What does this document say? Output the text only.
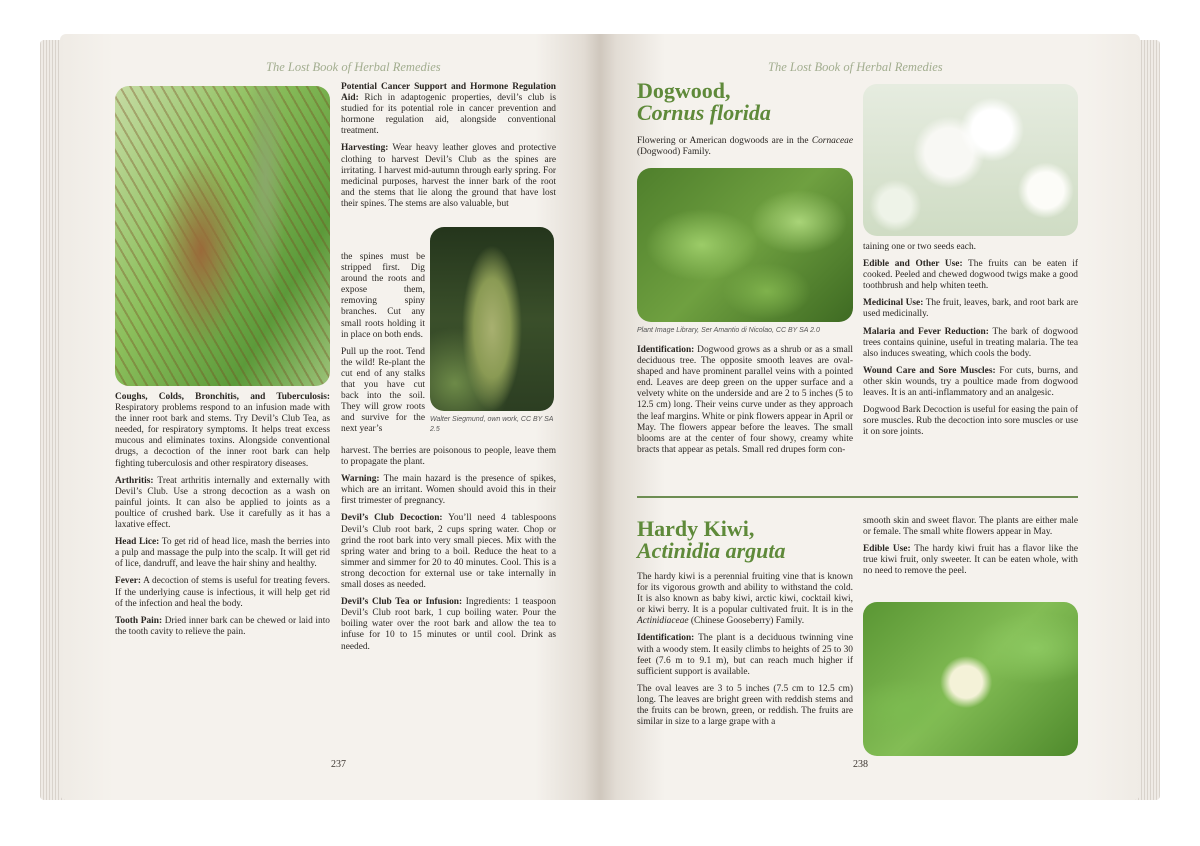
The Lost Book of Herbal Remedies

Coughs, Colds, Bronchitis, and Tuberculosis: Respiratory problems respond to an infusion made with the inner root bark and stems. Try Devil’s Club Tea, as needed, for respiratory symptoms. It helps treat excess mucous and eliminates toxins. Alongside conventional drugs, a decoction of the inner root bark can help fighting tuberculosis and other respiratory diseases.

Arthritis: Treat arthritis internally and externally with Devil’s Club. Use a strong decoction as a wash on painful joints. It can also be applied to joints as a poultice of crushed bark. Use it carefully as it has a laxative effect.

Head Lice: To get rid of head lice, mash the berries into a pulp and massage the pulp into the scalp. It will get rid of lice, dandruff, and leave the hair shiny and healthy.

Fever: A decoction of stems is useful for treating fevers. If the underlying cause is infectious, it will help get rid of the infection and heal the body.

Tooth Pain: Dried inner bark can be chewed or laid into the tooth cavity to relieve the pain.

Potential Cancer Support and Hormone Regulation Aid: Rich in adaptogenic properties, devil’s club is studied for its potential role in cancer prevention and hormone regulation aid, alongside conventional treatment.

Harvesting: Wear heavy leather gloves and protective clothing to harvest Devil’s Club as the spines are irritating. I harvest mid-autumn through early spring. For medicinal purposes, harvest the inner bark of the root and the stems that lie along the ground that have lost their spines. The stems are also valuable, but

the spines must be stripped first. Dig around the roots and expose them, removing spiny branches. Cut any small roots holding it in place on both ends.

Pull up the root. Tend the wild! Re-plant the cut end of any stalks that you have cut back into the soil. They will grow roots and survive for the next year’s

Walter Siegmund, own work, CC BY SA 2.5

harvest. The berries are poisonous to people, leave them to propagate the plant.

Warning: The main hazard is the presence of spikes, which are an irritant. Women should avoid this in their first trimester of pregnancy.

Devil’s Club Decoction: You’ll need 4 tablespoons Devil’s Club root bark, 2 cups spring water. Chop or grind the root bark into very small pieces. Mix with the spring water and bring to a boil. Reduce the heat to a simmer and simmer for 20 to 40 minutes. Cool. This is a strong decoction for external use or take internally in small doses as needed.

Devil’s Club Tea or Infusion: Ingredients: 1 teaspoon Devil’s Club root bark, 1 cup boiling water. Pour the boiling water over the root bark and allow the tea to infuse for 10 to 15 minutes or until cool. Drink as needed.

237
The Lost Book of Herbal Remedies
Dogwood,
Cornus florida

Flowering or American dogwoods are in the Cornaceae (Dogwood) Family.

Plant Image Library, Ser Amantio di Nicolao, CC BY SA 2.0

Identification: Dogwood grows as a shrub or as a small deciduous tree. The opposite smooth leaves are oval-shaped and have prominent parallel veins with a pointed end. Leaves are deep green on the upper surface and a velvety white on the underside and are 2 to 5 inches (5 to 12.5 cm) long. Their veins curve under as they approach the leaf margins. White or pink flowers appear in April or May. The flowers appear before the leaves. The small blooms are at the center of four showy, creamy white bracts that appear as petals. Small red drupes form con-

taining one or two seeds each.

Edible and Other Use: The fruits can be eaten if cooked. Peeled and chewed dogwood twigs make a good toothbrush and help whiten teeth.

Medicinal Use: The fruit, leaves, bark, and root bark are used medicinally.

Malaria and Fever Reduction: The bark of dogwood trees contains quinine, useful in treating malaria. The tea also induces sweating, which cools the body.

Wound Care and Sore Muscles: For cuts, burns, and other skin wounds, try a poultice made from dogwood leaves. It is an anti-inflammatory and an analgesic.

Dogwood Bark Decoction is useful for easing the pain of sore muscles. Rub the decoction into sore muscles or use it on sore joints.

Hardy Kiwi,
Actinidia arguta

The hardy kiwi is a perennial fruiting vine that is known for its vigorous growth and ability to withstand the cold. It is also known as baby kiwi, arctic kiwi, cocktail kiwi, or kiwi berry. It is a popular cultivated fruit. It is in the Actinidiaceae (Chinese Gooseberry) Family.

Identification: The plant is a deciduous twinning vine with a woody stem. It easily climbs to heights of 25 to 30 feet (7.6 m to 9.1 m), but can reach much higher if sufficient support is available.

The oval leaves are 3 to 5 inches (7.5 cm to 12.5 cm) long. The leaves are bright green with reddish stems and the fruits can be brown, green, or reddish. The fruits are similar in size to a large grape with a

smooth skin and sweet flavor. The plants are either male or female. The small white flowers appear in May.

Edible Use: The hardy kiwi fruit has a flavor like the true kiwi fruit, only sweeter. It can be eaten whole, with no need to remove the peel.

238
